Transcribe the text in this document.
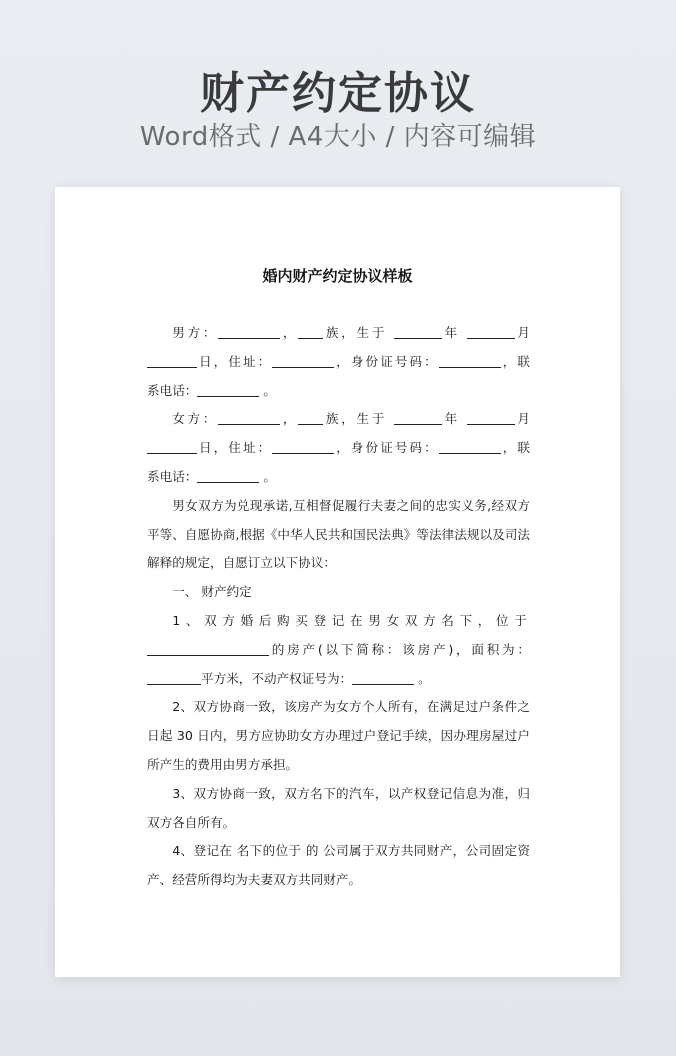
财产约定协议
Word格式 / A4大小 / 内容可编辑
婚内财产约定协议样板

男方：	， 族，生于	年	月

日，住址：	，身份证号码：	，联

系电话：	。

女方：	， 族，生于	年	月

日，住址：	，身份证号码：	，联

系电话：	。

男女双方为兑现承诺,互相督促履行夫妻之间的忠实义务,经双方平等、自愿协商,根据《中华人民共和国民法典》等法律法规以及司法解释的规定，自愿订立以下协议：

一、 财产约定

1、双方婚后购买登记在男女双方名下，位于

的房产(以下简称：该房产)，面积为：

平方米，不动产权证号为：	。

2、双方协商一致，该房产为女方个人所有，在满足过户条件之日起 30 日内，男方应协助女方办理过户登记手续，因办理房屋过户所产生的费用由男方承担。

3、双方协商一致，双方名下的汽车，以产权登记信息为准，归双方各自所有。

4、登记在 名下的位于 的 公司属于双方共同财产，公司固定资产、经营所得均为夫妻双方共同财产。
